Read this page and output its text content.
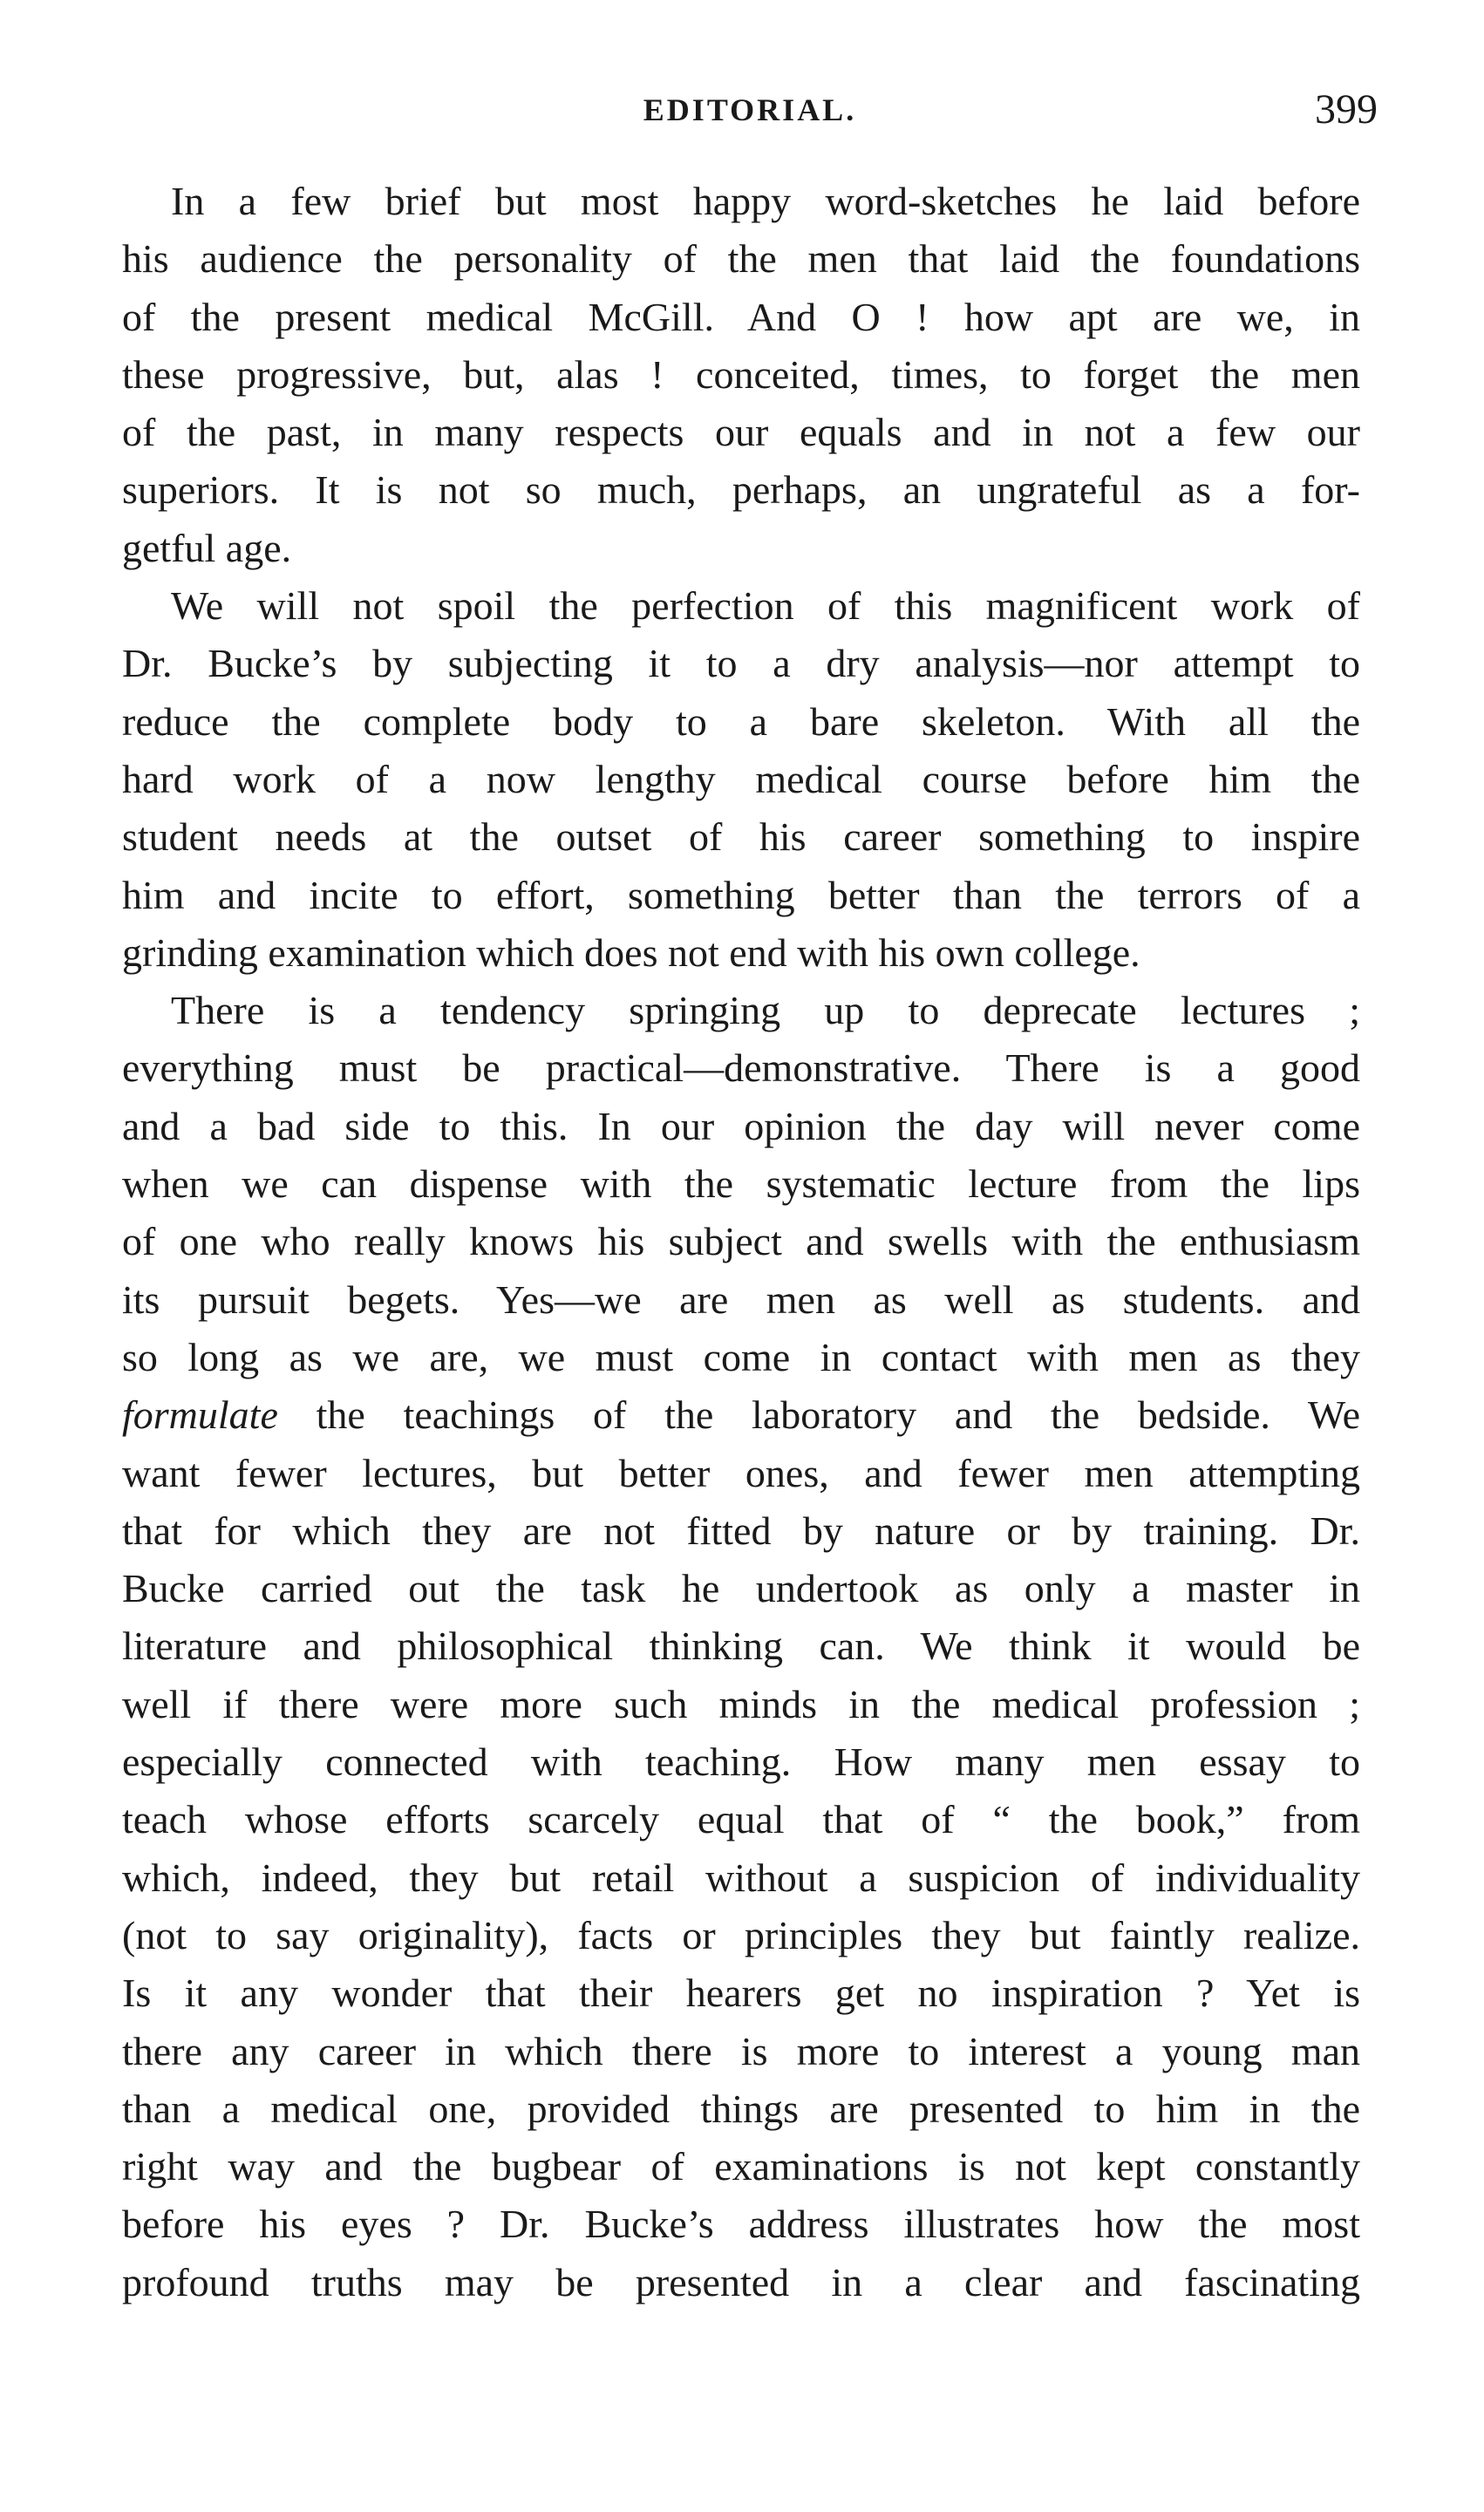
EDITORIAL.	399
In a few brief but most happy word-sketches he laid before
his audience the personality of the men that laid the foundations
of the present medical McGill. And O ! how apt are we, in
these progressive, but, alas ! conceited, times, to forget the men
of the past, in many respects our equals and in not a few our
superiors. It is not so much, perhaps, an ungrateful as a for-
getful age.
We will not spoil the perfection of this magnificent work of
Dr. Bucke’s by subjecting it to a dry analysis—nor attempt to
reduce the complete body to a bare skeleton. With all the
hard work of a now lengthy medical course before him the
student needs at the outset of his career something to inspire
him and incite to effort, something better than the terrors of a
grinding examination which does not end with his own college.
There is a tendency springing up to deprecate lectures ;
everything must be practical—demonstrative. There is a good
and a bad side to this. In our opinion the day will never come
when we can dispense with the systematic lecture from the lips
of one who really knows his subject and swells with the enthusiasm
its pursuit begets. Yes—we are men as well as students. and
so long as we are, we must come in contact with men as they
formulate the teachings of the laboratory and the bedside. We
want fewer lectures, but better ones, and fewer men attempting
that for which they are not fitted by nature or by training. Dr.
Bucke carried out the task he undertook as only a master in
literature and philosophical thinking can. We think it would be
well if there were more such minds in the medical profession ;
especially connected with teaching. How many men essay to
teach whose efforts scarcely equal that of “ the book,” from
which, indeed, they but retail without a suspicion of individuality
(not to say originality), facts or principles they but faintly realize.
Is it any wonder that their hearers get no inspiration ? Yet is
there any career in which there is more to interest a young man
than a medical one, provided things are presented to him in the
right way and the bugbear of examinations is not kept constantly
before his eyes ? Dr. Bucke’s address illustrates how the most
profound truths may be presented in a clear and fascinating
